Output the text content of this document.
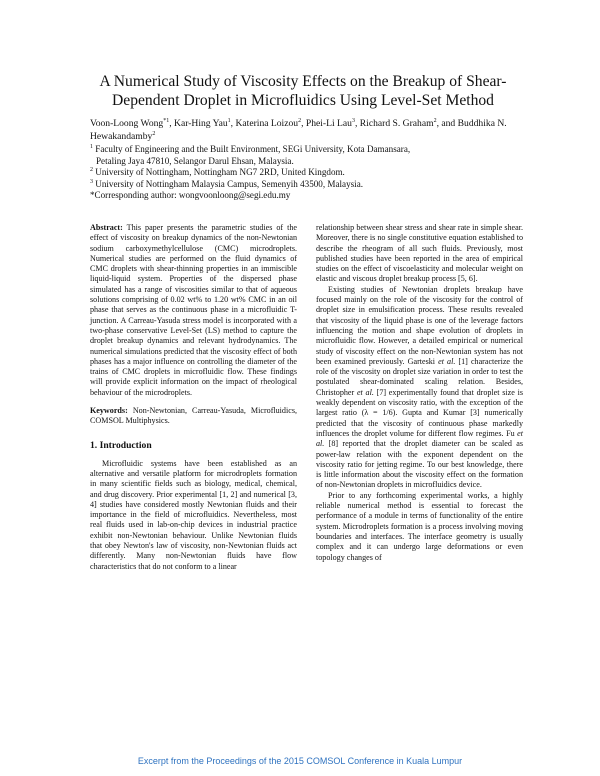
A Numerical Study of Viscosity Effects on the Breakup of Shear-Dependent Droplet in Microfluidics Using Level-Set Method
Voon-Loong Wong$^{*1}$, Kar-Hing Yau$^1$, Katerina Loizou$^2$, Phei-Li Lau$^3$, Richard S. Graham$^2$, and Buddhika N. Hewakandamby$^2$
$^1$ Faculty of Engineering and the Built Environment, SEGi University, Kota Damansara,
Petaling Jaya 47810, Selangor Darul Ehsan, Malaysia.
$^2$ University of Nottingham, Nottingham NG7 2RD, United Kingdom.
$^3$ University of Nottingham Malaysia Campus, Semenyih 43500, Malaysia.
*Corresponding author: wongvoonloong@segi.edu.my

Abstract: This paper presents the parametric studies of the effect of viscosity on breakup dynamics of the non-Newtonian sodium carboxymethylcellulose (CMC) microdroplets. Numerical studies are performed on the fluid dynamics of CMC droplets with shear-thinning properties in an immiscible liquid-liquid system. Properties of the dispersed phase simulated has a range of viscosities similar to that of aqueous solutions comprising of 0.02 wt% to 1.20 wt% CMC in an oil phase that serves as the continuous phase in a microfluidic T-junction. A Carreau-Yasuda stress model is incorporated with a two-phase conservative Level-Set (LS) method to capture the droplet breakup dynamics and relevant hydrodynamics. The numerical simulations predicted that the viscosity effect of both phases has a major influence on controlling the diameter of the trains of CMC droplets in microfluidic flow. These findings will provide explicit information on the impact of rheological behaviour of the microdroplets.

Keywords: Non-Newtonian, Carreau-Yasuda, Microfluidics, COMSOL Multiphysics.

1. Introduction

Microfluidic systems have been established as an alternative and versatile platform for microdroplets formation in many scientific fields such as biology, medical, chemical, and drug discovery. Prior experimental [1, 2] and numerical [3, 4] studies have considered mostly Newtonian fluids and their importance in the field of microfluidics. Nevertheless, most real fluids used in lab-on-chip devices in industrial practice exhibit non-Newtonian behaviour. Unlike Newtonian fluids that obey Newton's law of viscosity, non-Newtonian fluids act differently. Many non-Newtonian fluids have flow characteristics that do not conform to a linear

relationship between shear stress and shear rate in simple shear. Moreover, there is no single constitutive equation established to describe the rheogram of all such fluids. Previously, most published studies have been reported in the area of empirical studies on the effect of viscoelasticity and molecular weight on elastic and viscous droplet breakup process [5, 6].

Existing studies of Newtonian droplets breakup have focused mainly on the role of the viscosity for the control of droplet size in emulsification process. These results revealed that viscosity of the liquid phase is one of the leverage factors influencing the motion and shape evolution of droplets in microfluidic flow. However, a detailed empirical or numerical study of viscosity effect on the non-Newtonian system has not been examined previously. Garteski et al. [1] characterize the role of the viscosity on droplet size variation in order to test the postulated shear-dominated scaling relation. Besides, Christopher et al. [7] experimentally found that droplet size is weakly dependent on viscosity ratio, with the exception of the largest ratio (λ = 1/6). Gupta and Kumar [3] numerically predicted that the viscosity of continuous phase markedly influences the droplet volume for different flow regimes. Fu et al. [8] reported that the droplet diameter can be scaled as power-law relation with the exponent dependent on the viscosity ratio for jetting regime. To our best knowledge, there is little information about the viscosity effect on the formation of non-Newtonian droplets in microfluidics device.

Prior to any forthcoming experimental works, a highly reliable numerical method is essential to forecast the performance of a module in terms of functionality of the entire system. Microdroplets formation is a process involving moving boundaries and interfaces. The interface geometry is usually complex and it can undergo large deformations or even topology changes of

Excerpt from the Proceedings of the 2015 COMSOL Conference in Kuala Lumpur
